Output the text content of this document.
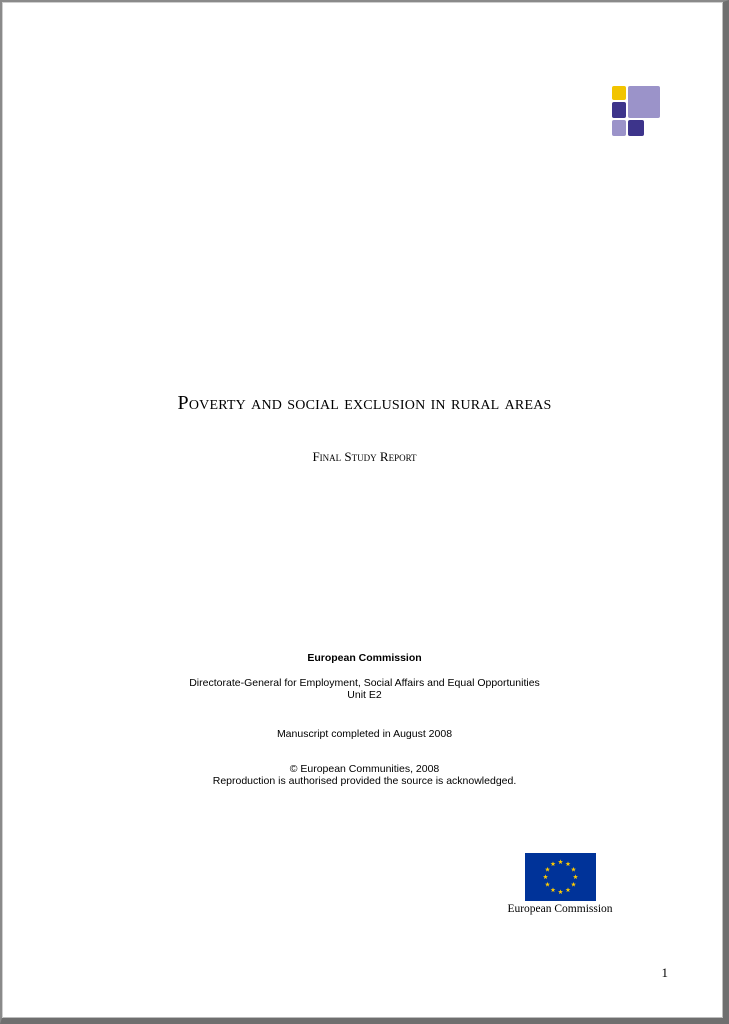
Poverty and social exclusion in rural areas
Final Study Report
European Commission
Directorate-General for Employment, Social Affairs and Equal Opportunities
Unit E2
Manuscript completed in August 2008
© European Communities, 2008
Reproduction is authorised provided the source is acknowledged.
European Commission
1
